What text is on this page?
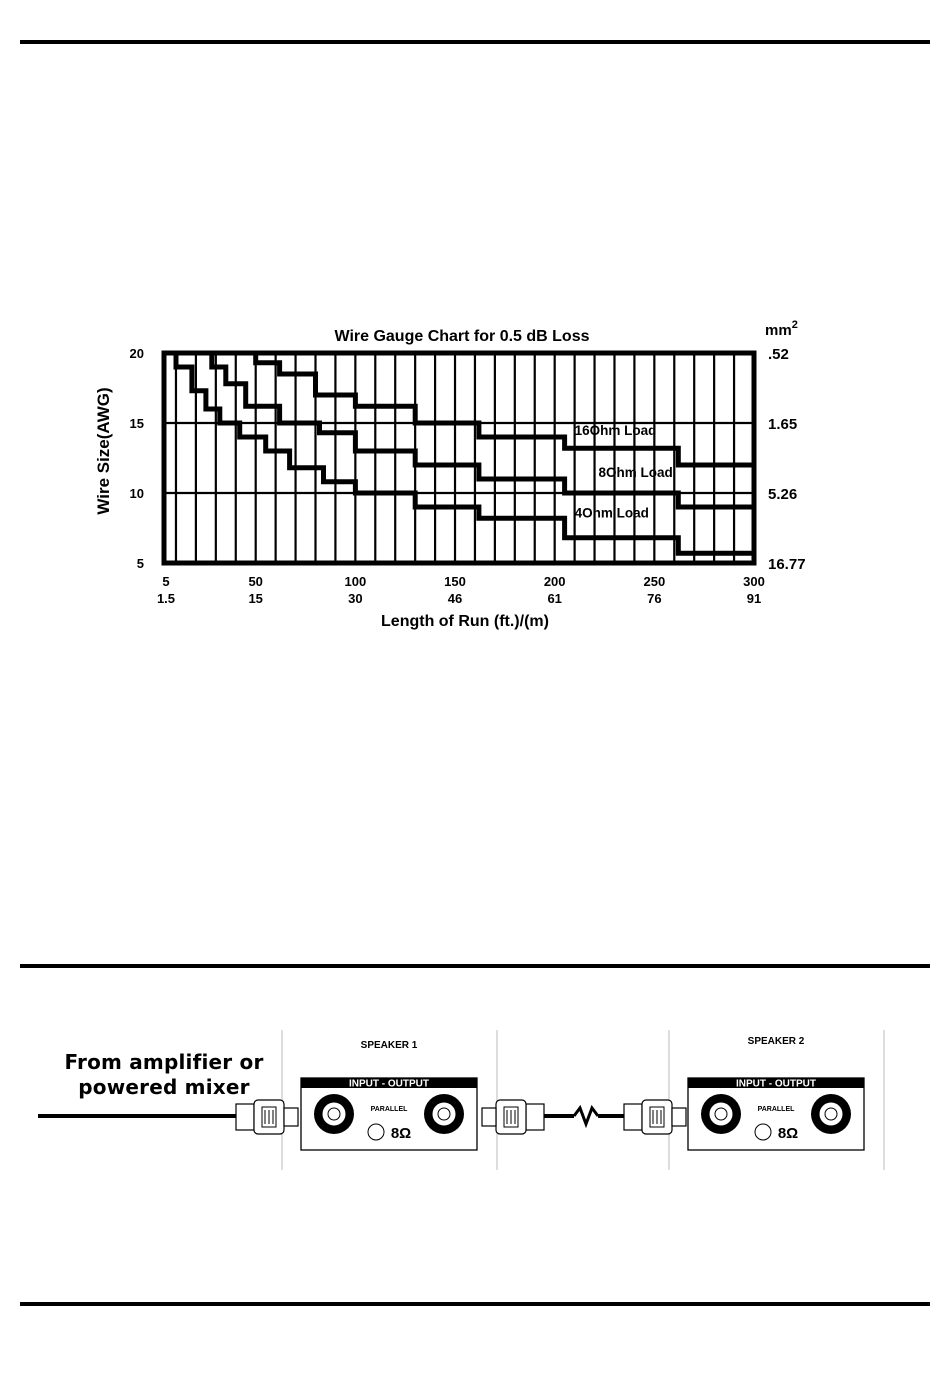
Wire Gauge Chart for 0.5 dB Loss	$mm^2$
Wire Size(AWG)
Length of Run (ft.)/(m)
5
1.5
50
15
100
30
150
46
200
61
250
76
300
91
20
15
10
5
.52
1.65
5.26
16.77
16Ohm Load
8Ohm Load
4Ohm Load
From amplifier or
powered mixer
SPEAKER 1
INPUT - OUTPUT
PARALLEL
8Ω
SPEAKER 2
INPUT - OUTPUT
PARALLEL
8Ω
